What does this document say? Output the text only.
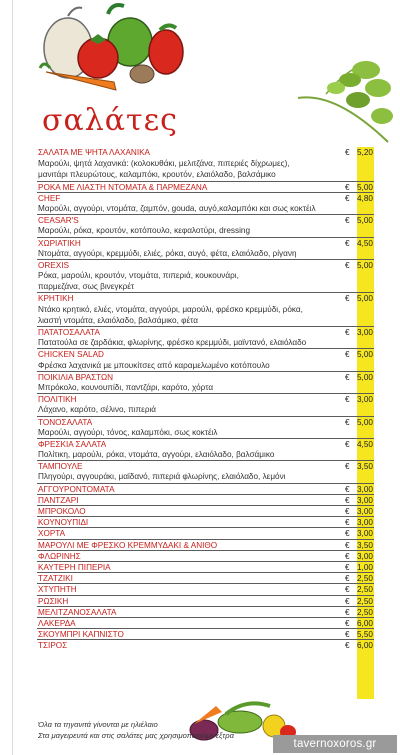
σαλάτες
ΣΑΛΑΤΑ ΜΕ ΨΗΤΑ ΛΑΧΑΝΙΚΑ	€ 5,20
Μαρούλι, ψητά λαχανικά: (κολοκυθάκι, μελιτζάνα, πιπεριές δίχρωμες),
μανιτάρι πλευρώτους, καλαμπόκι, κρουτόν, ελαιόλαδο, βαλσάμικο
ΡΟΚΑ ΜΕ ΛΙΑΣΤΗ ΝΤΟΜΑΤΑ & ΠΑΡΜΕΖΑΝΑ	€ 5,00
CHEF	€ 4,80
Μαρούλι, αγγούρι, ντομάτα, ζαμπόν, gouda, αυγό,καλαμπόκι και σως κοκτέιλ
CEASAR'S	€ 5,00
Μαρούλι, ρόκα, κρουτόν, κοτόπουλο, κεφαλοτύρι, dressing
ΧΩΡΙΑΤΙΚΗ	€ 4,50
Ντομάτα, αγγούρι, κρεμμύδι, ελιές, ρόκα, αυγό, φέτα, ελαιόλαδο, ρίγανη
OREXIS	€ 5,00
Ρόκα, μαρούλι, κρουτόν, ντομάτα, πιπεριά, κουκουνάρι,
παρμεζάνα, σως βινεγκρέτ
ΚΡΗΤΙΚΗ	€ 5,00
Ντάκο κρητικό, ελιές, ντομάτα, αγγούρι, μαρούλι, φρέσκο κρεμμύδι, ρόκα,
λιαστή ντομάτα, ελαιόλαδο, βαλσάμικο, φέτα
ΠΑΤΑΤΟΣΑΛΑΤΑ	€ 3,00
Πατατούλα σε ζαρδάκια, φλωρίνης, φρέσκο κρεμμύδι, μαϊντανό, ελαιόλαδο
CHICKEN SALAD	€ 5,00
Φρέσκα λαχανικά με μπουκίτσες από καραμελωμένο κοτόπουλο
ΠΟΙΚΙΛΙΑ ΒΡΑΣΤΩΝ	€ 5,00
Μπρόκολο, κουνουπίδι, παντζάρι, καρότο, χόρτα
ΠΟΛΙΤΙΚΗ	€ 3,00
Λάχανο, καρότο, σέλινο, πιπεριά
ΤΟΝΟΣΑΛΑΤΑ	€ 5,00
Μαρούλι, αγγούρι, τόνος, καλαμπόκι, σως κοκτέιλ
ΦΡΕΣΚΙΑ ΣΑΛΑΤΑ	€ 4,50
Πολίτικη, μαρούλι, ρόκα, ντομάτα, αγγούρι, ελαιόλαδο, βαλσάμικο
ΤΑΜΠΟΥΛΕ	€ 3,50
Πληγούρι, αγγουράκι, μαϊδανό, πιπεριά φλωρίνης, ελαιόλαδο, λεμόνι
ΑΓΓΟΥΡΟΝΤΟΜΑΤΑ	€ 3,00
ΠΑΝΤΖΑΡΙ	€ 3,00
ΜΠΡΟΚΟΛΟ	€ 3,00
ΚΟΥΝΟΥΠΙΔΙ	€ 3,00
ΧΟΡΤΑ	€ 3,00
ΜΑΡΟΥΛΙ ΜΕ ΦΡΕΣΚΟ ΚΡΕΜΜΥΔΑΚΙ & ΑΝΙΘΟ	€ 3,50
ΦΛΩΡΙΝΗΣ	€ 3,00
ΚΑΥΤΕΡΗ ΠΙΠΕΡΙΑ	€ 1,00
ΤΖΑΤΖΙΚΙ	€ 2,50
ΧΤΥΠΗΤΗ	€ 2,50
ΡΩΣΙΚΗ	€ 2,50
ΜΕΛΙΤΖΑΝΟΣΑΛΑΤΑ	€ 2,50
ΛΑΚΕΡΔΑ	€ 6,00
ΣΚΟΥΜΠΡΙ ΚΑΠΝΙΣΤΟ	€ 5,50
ΤΣΙΡΟΣ	€ 6,00
Όλα τα τηγανιτά γίνονται με ηλιέλαιο
Στα μαγειρευτά και στις σαλάτες μας χρησιμοποιούμε έξτρα
tavernoxoros.gr
